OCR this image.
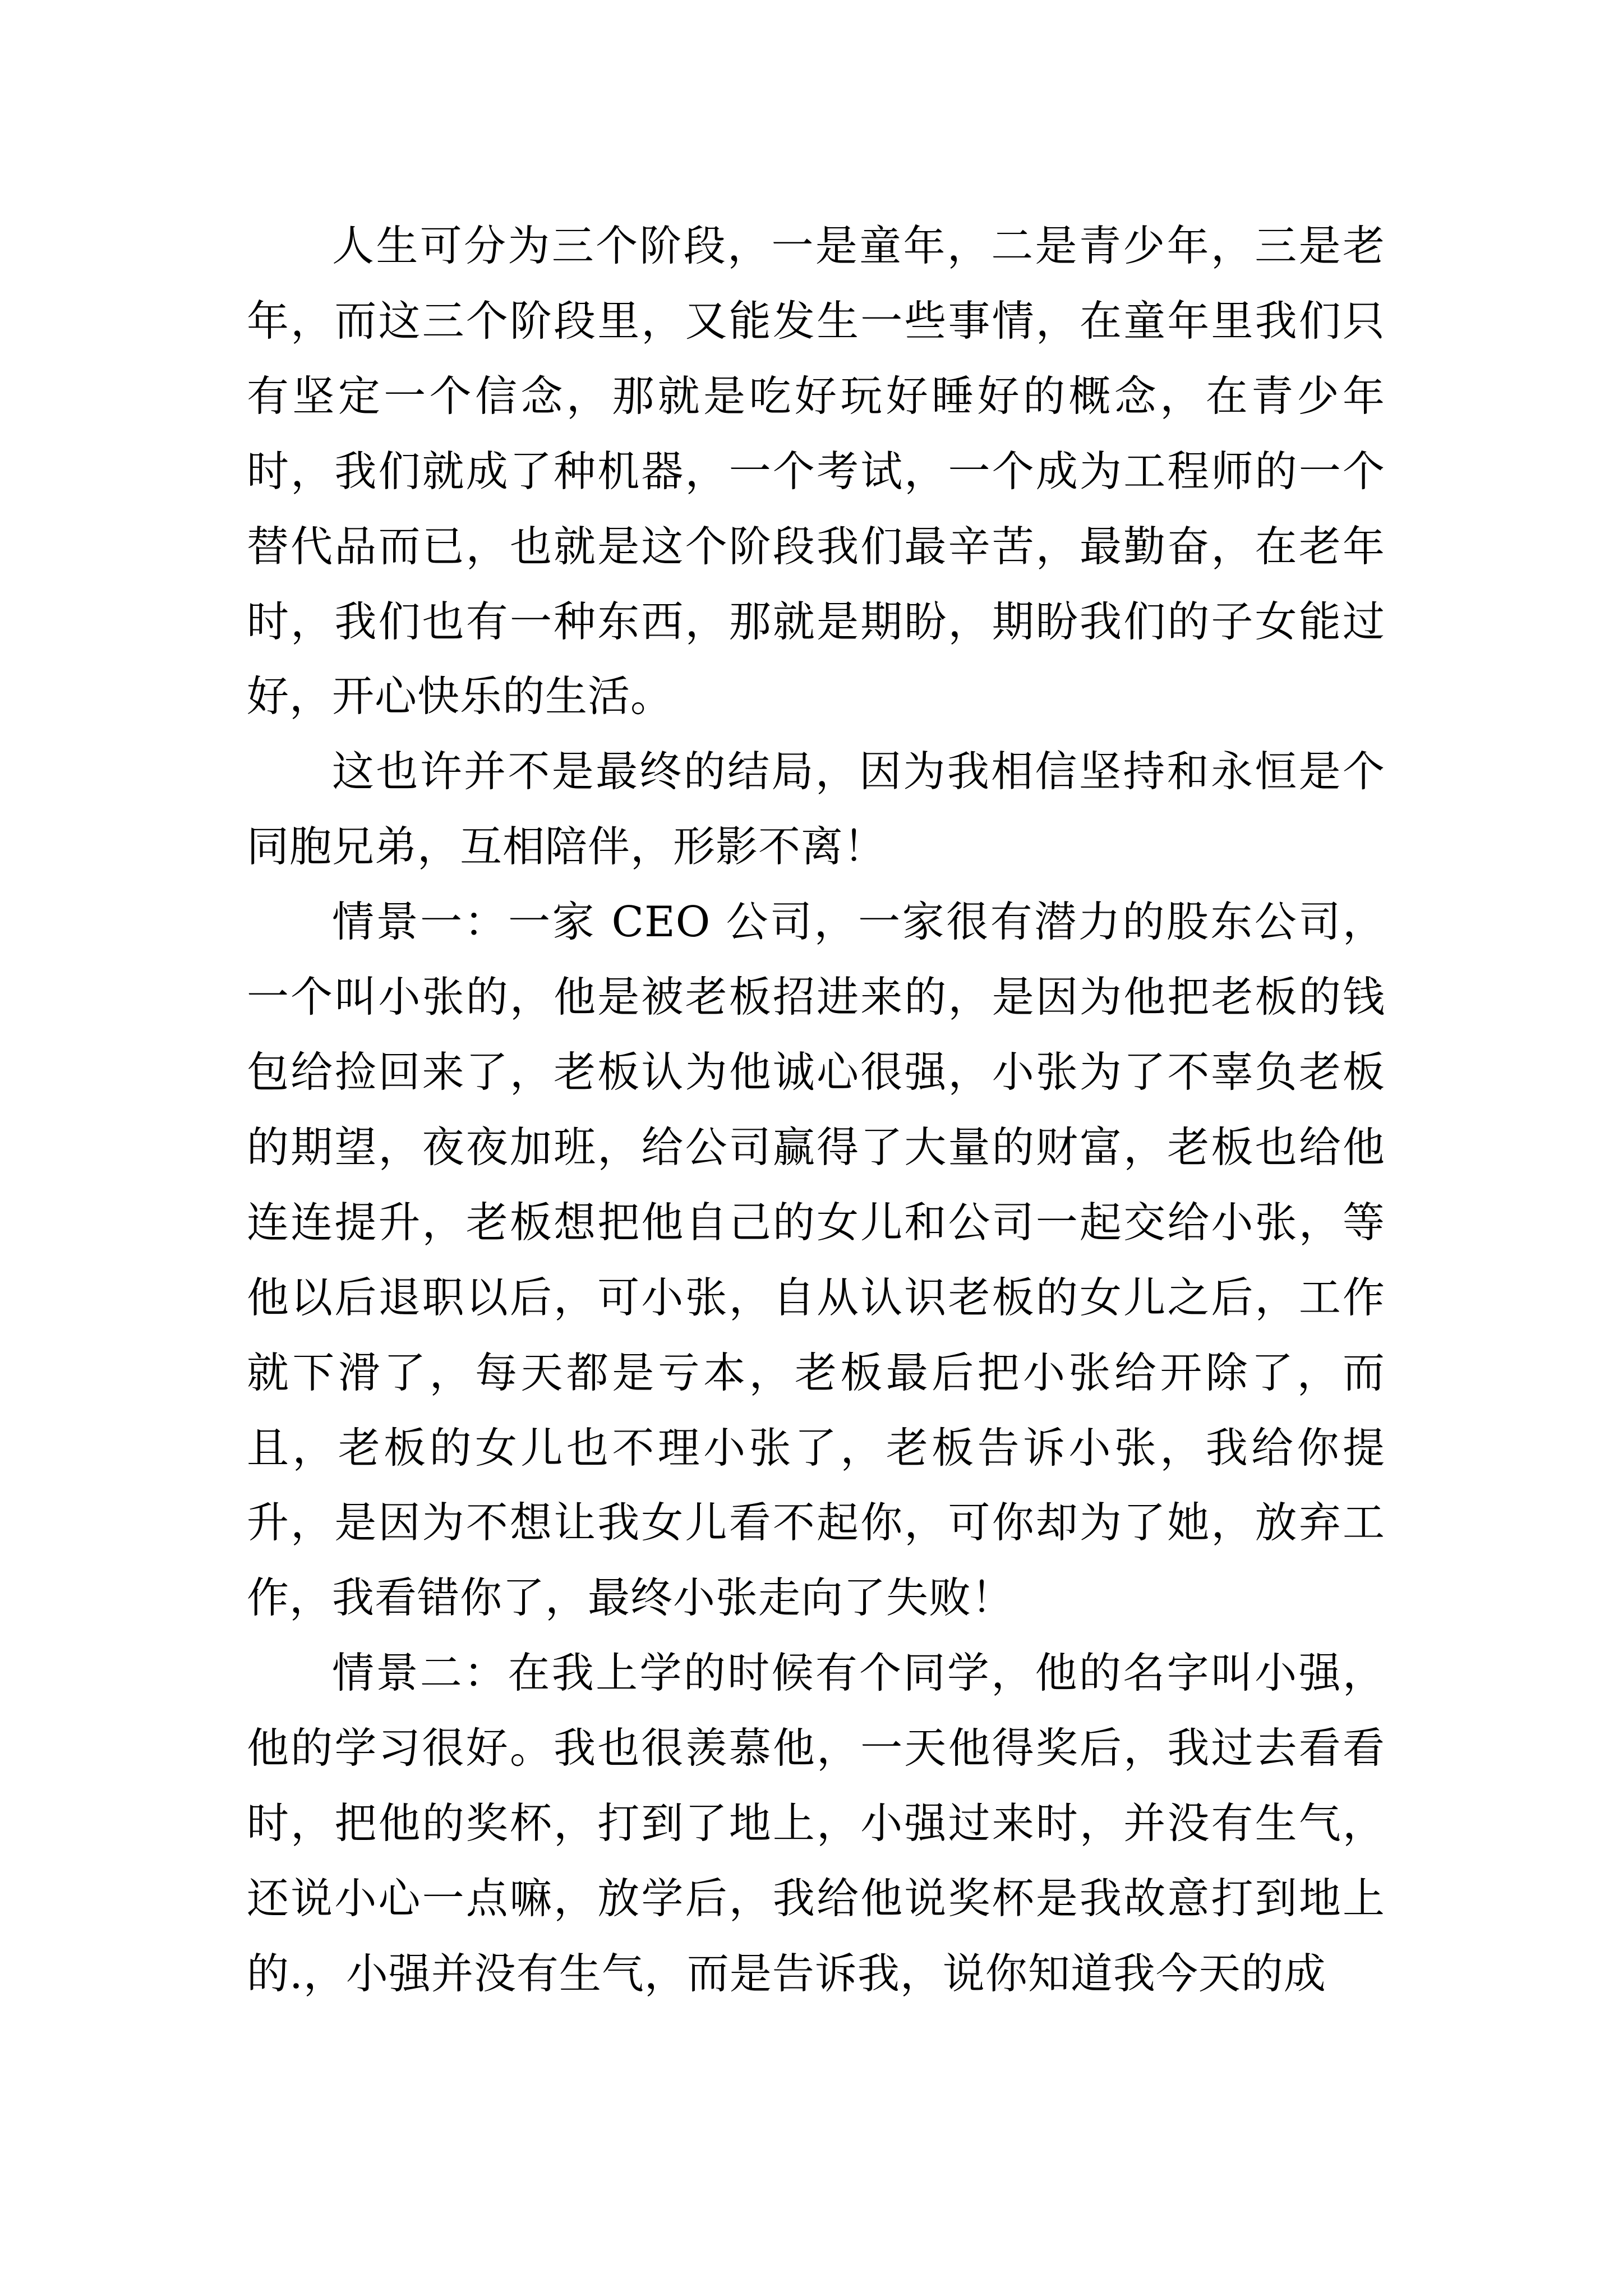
人生可分为三个阶段，一是童年，二是青少年，三是老年，而这三个阶段里，又能发生一些事情，在童年里我们只有坚定一个信念，那就是吃好玩好睡好的概念，在青少年时，我们就成了种机器，一个考试，一个成为工程师的一个替代品而已，也就是这个阶段我们最辛苦，最勤奋，在老年时，我们也有一种东西，那就是期盼，期盼我们的子女能过好，开心快乐的生活。

这也许并不是最终的结局，因为我相信坚持和永恒是个同胞兄弟，互相陪伴，形影不离！

情景一：一家 CEO 公司，一家很有潜力的股东公司，一个叫小张的，他是被老板招进来的，是因为他把老板的钱包给捡回来了，老板认为他诚心很强，小张为了不辜负老板的期望，夜夜加班，给公司赢得了大量的财富，老板也给他连连提升，老板想把他自己的女儿和公司一起交给小张，等他以后退职以后，可小张，自从认识老板的女儿之后，工作就下滑了，每天都是亏本，老板最后把小张给开除了，而且，老板的女儿也不理小张了，老板告诉小张，我给你提升，是因为不想让我女儿看不起你，可你却为了她，放弃工作，我看错你了，最终小张走向了失败！

情景二：在我上学的时候有个同学，他的名字叫小强，他的学习很好。我也很羡慕他，一天他得奖后，我过去看看时，把他的奖杯，打到了地上，小强过来时，并没有生气，还说小心一点嘛，放学后，我给他说奖杯是我故意打到地上的.，小强并没有生气，而是告诉我，说你知道我今天的成
